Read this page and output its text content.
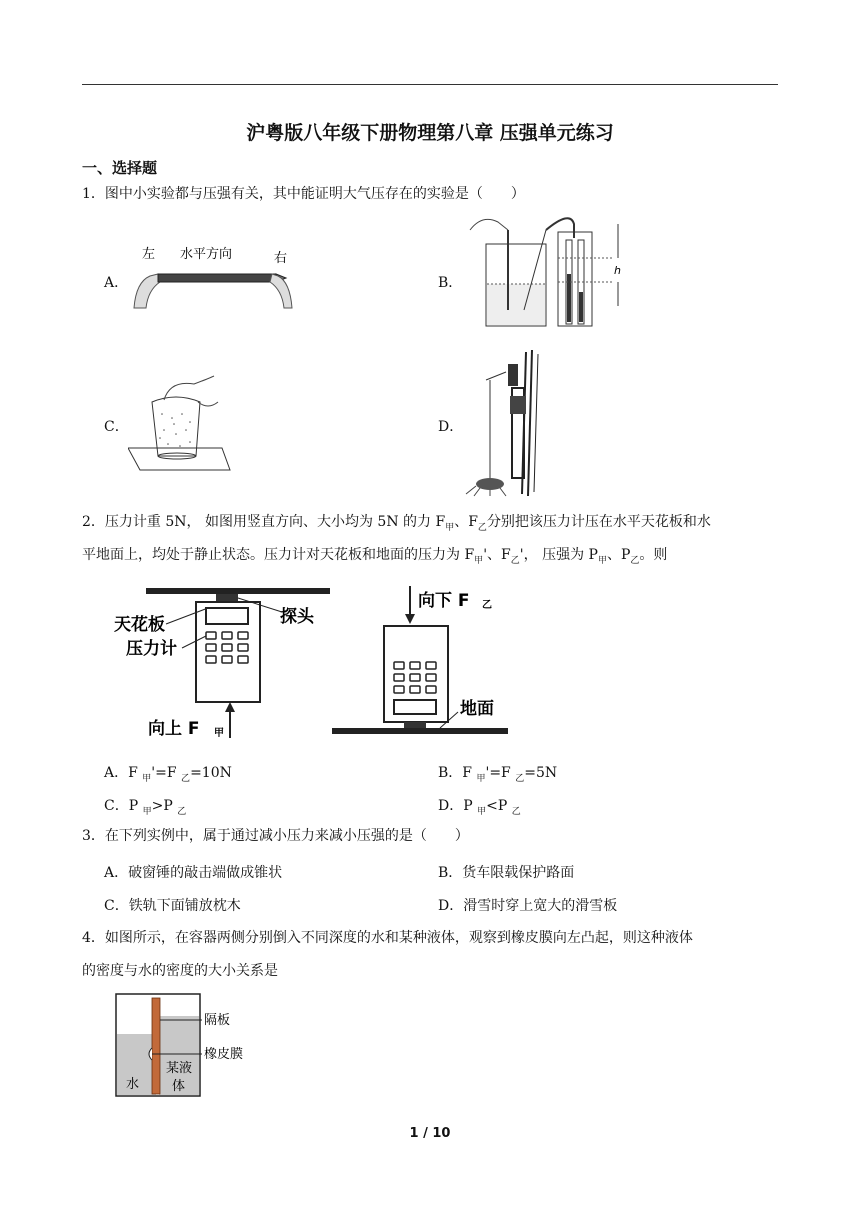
沪粤版八年级下册物理第八章 压强单元练习
一、选择题
1．图中小实验都与压强有关，其中能证明大气压存在的实验是（　　）
A．
左 水平方向	右
B．
h
C．	D．
2．压力计重 5N， 如图用竖直方向、大小均为 5N 的力 $F_甲$、$F_乙$分别把该压力计压在水平天花板和水
平地面上，均处于静止状态。压力计对天花板和地面的压力为 $F_甲'$、$F_乙'$， 压强为 $P_甲$、$P_乙$。则
天花板	探头
压力计
向上 F 甲
向下 F 乙
地面
A．F $_甲$'=F $_乙$=10N	B．F $_甲$'=F $_乙$=5N
C．P $_甲$>P $_乙$	D．P $_甲$<P $_乙$
3．在下列实例中，属于通过减小压力来减小压强的是（　　）
A．破窗锤的敲击端做成锥状	B．货车限载保护路面
C．铁轨下面铺放枕木	D．滑雪时穿上宽大的滑雪板
4．如图所示，在容器两侧分别倒入不同深度的水和某种液体，观察到橡皮膜向左凸起，则这种液体
的密度与水的密度的大小关系是
隔板
橡皮膜
水
某液
体
1 / 10
